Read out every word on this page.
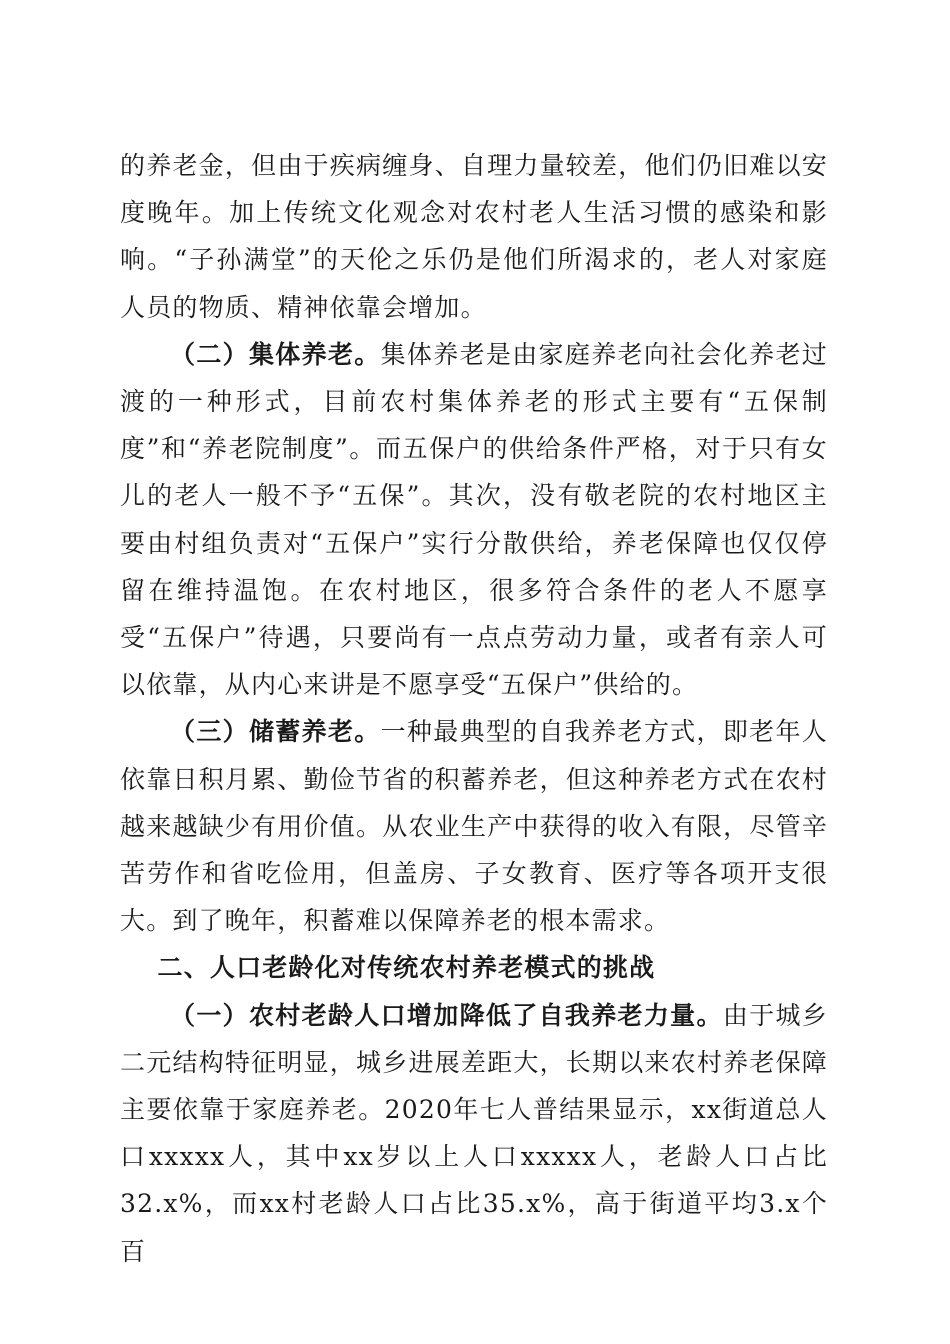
的养老金，但由于疾病缠身、自理力量较差，他们仍旧难以安度晚年。加上传统文化观念对农村老人生活习惯的感染和影响。“子孙满堂”的天伦之乐仍是他们所渴求的，老人对家庭人员的物质、精神依靠会增加。

（二）集体养老。集体养老是由家庭养老向社会化养老过渡的一种形式，目前农村集体养老的形式主要有“五保制度”和“养老院制度”。而五保户的供给条件严格，对于只有女儿的老人一般不予“五保”。其次，没有敬老院的农村地区主要由村组负责对“五保户”实行分散供给，养老保障也仅仅停留在维持温饱。在农村地区，很多符合条件的老人不愿享受“五保户”待遇，只要尚有一点点劳动力量，或者有亲人可以依靠，从内心来讲是不愿享受“五保户”供给的。

（三）储蓄养老。一种最典型的自我养老方式，即老年人依靠日积月累、勤俭节省的积蓄养老，但这种养老方式在农村越来越缺少有用价值。从农业生产中获得的收入有限，尽管辛苦劳作和省吃俭用，但盖房、子女教育、医疗等各项开支很大。到了晚年，积蓄难以保障养老的根本需求。

二、人口老龄化对传统农村养老模式的挑战

（一）农村老龄人口增加降低了自我养老力量。由于城乡二元结构特征明显，城乡进展差距大，长期以来农村养老保障主要依靠于家庭养老。2020年七人普结果显示，xx街道总人口xxxxx人，其中xx岁以上人口xxxxx人，老龄人口占比32.x%，而xx村老龄人口占比35.x%，高于街道平均3.x个百
